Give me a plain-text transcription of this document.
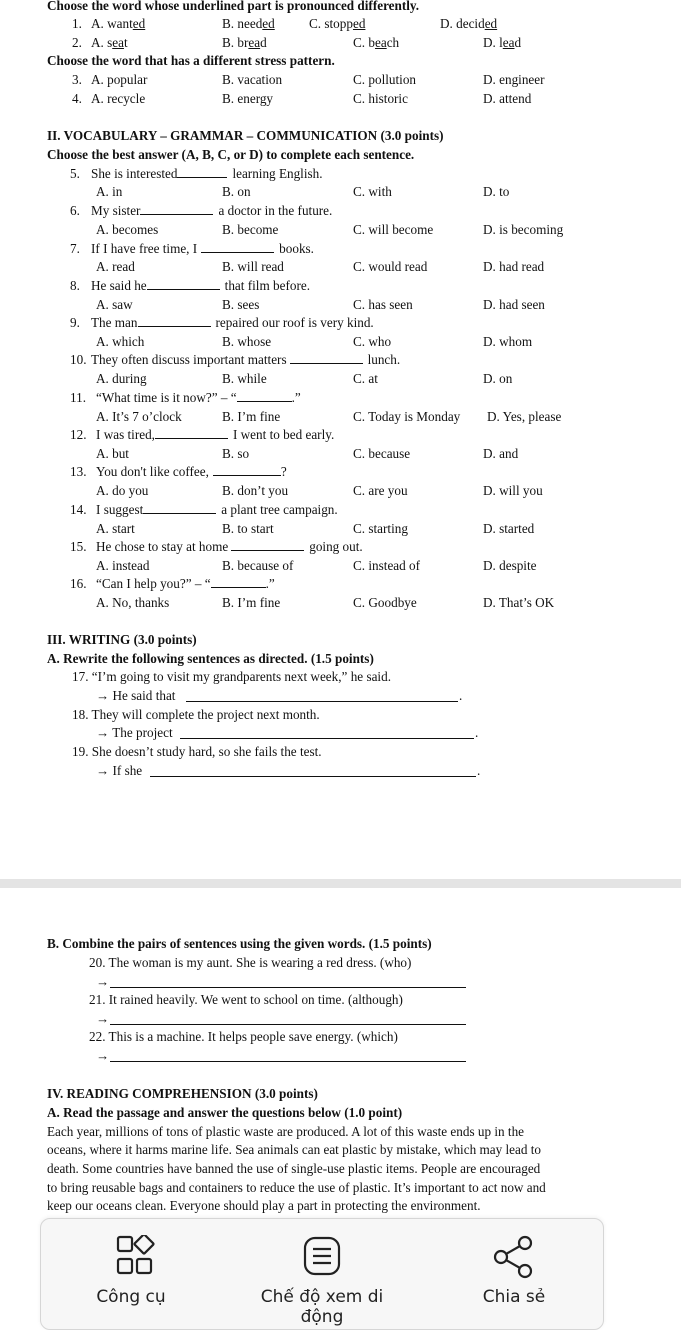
Choose the word whose underlined part is pronounced differently.
1. A. wanted	B. needed	C. stopped	D. decided
2. A. seat	B. bread	C. beach	D. lead
Choose the word that has a different stress pattern.
3. A. popular	B. vacation	C. pollution	D. engineer
4. A. recycle	B. energy	C. historic	D. attend
II. VOCABULARY – GRAMMAR – COMMUNICATION (3.0 points)
Choose the best answer (A, B, C, or D) to complete each sentence.
5. She is interested	learning English.
A. in	B. on	C. with	D. to
6. My sister	a doctor in the future.
A. becomes	B. become	C. will become	D. is becoming
7. If I have free time, I	books.
A. read	B. will read	C. would read	D. had read
8. He said he	that film before.
A. saw	B. sees	C. has seen	D. had seen
9. The man	repaired our roof is very kind.
A. which	B. whose	C. who	D. whom
10. They often discuss important matters	lunch.
A. during	B. while	C. at	D. on
11. “What time is it now?” – “	.”
A. It’s 7 o’clock	B. I’m fine	C. Today is Monday D. Yes, please
12. I was tired,	I went to bed early.
A. but	B. so	C. because	D. and
13. You don't like coffee,	?
A. do you	B. don’t you	C. are you	D. will you
14. I suggest	a plant tree campaign.
A. start	B. to start	C. starting	D. started
15. He chose to stay at home	going out.
A. instead	B. because of	C. instead of	D. despite
16. “Can I help you?” – “	.”
A. No, thanks	B. I’m fine	C. Goodbye	D. That’s OK
III. WRITING (3.0 points)
A. Rewrite the following sentences as directed. (1.5 points)
17. “I’m going to visit my grandparents next week,” he said.
→ He said that	.
18. They will complete the project next month.
→ The project	.
19. She doesn’t study hard, so she fails the test.
→ If she	.
B. Combine the pairs of sentences using the given words. (1.5 points)
20. The woman is my aunt. She is wearing a red dress. (who)
→
21. It rained heavily. We went to school on time. (although)
→
22. This is a machine. It helps people save energy. (which)
→
IV. READING COMPREHENSION (3.0 points)
A. Read the passage and answer the questions below (1.0 point)
Each year, millions of tons of plastic waste are produced. A lot of this waste ends up in the
oceans, where it harms marine life. Sea animals can eat plastic by mistake, which may lead to
death. Some countries have banned the use of single-use plastic items. People are encouraged
to bring reusable bags and containers to reduce the use of plastic. It’s important to act now and
keep our oceans clean. Everyone should play a part in protecting the environment.
Công cụ	Chế độ xem di động
Chia sẻ
